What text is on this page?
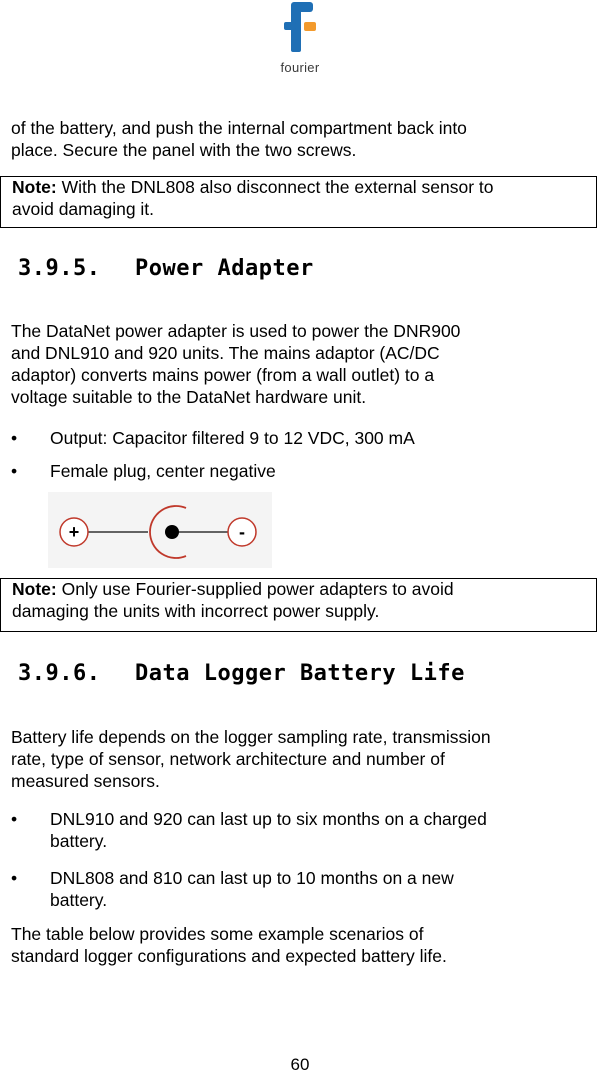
fourier

of the battery, and push the internal compartment back into

place. Secure the panel with the two screws.

Note: With the DNL808 also disconnect the external sensor to
avoid damaging it.
3.9.5. Power Adapter

The DataNet power adapter is used to power the DNR900

and DNL910 and 920 units. The mains adaptor (AC/DC

adaptor) converts mains power (from a wall outlet) to a

voltage suitable to the DataNet hardware unit.

•	Output: Capacitor filtered 9 to 12 VDC, 300 mA
•	Female plug, center negative
+	-
Note: Only use Fourier-supplied power adapters to avoid
damaging the units with incorrect power supply.
3.9.6. Data Logger Battery Life

Battery life depends on the logger sampling rate, transmission

rate, type of sensor, network architecture and number of

measured sensors.

•	DNL910 and 920 can last up to six months on a charged
battery.
•	DNL808 and 810 can last up to 10 months on a new
battery.

The table below provides some example scenarios of

standard logger configurations and expected battery life.

60
